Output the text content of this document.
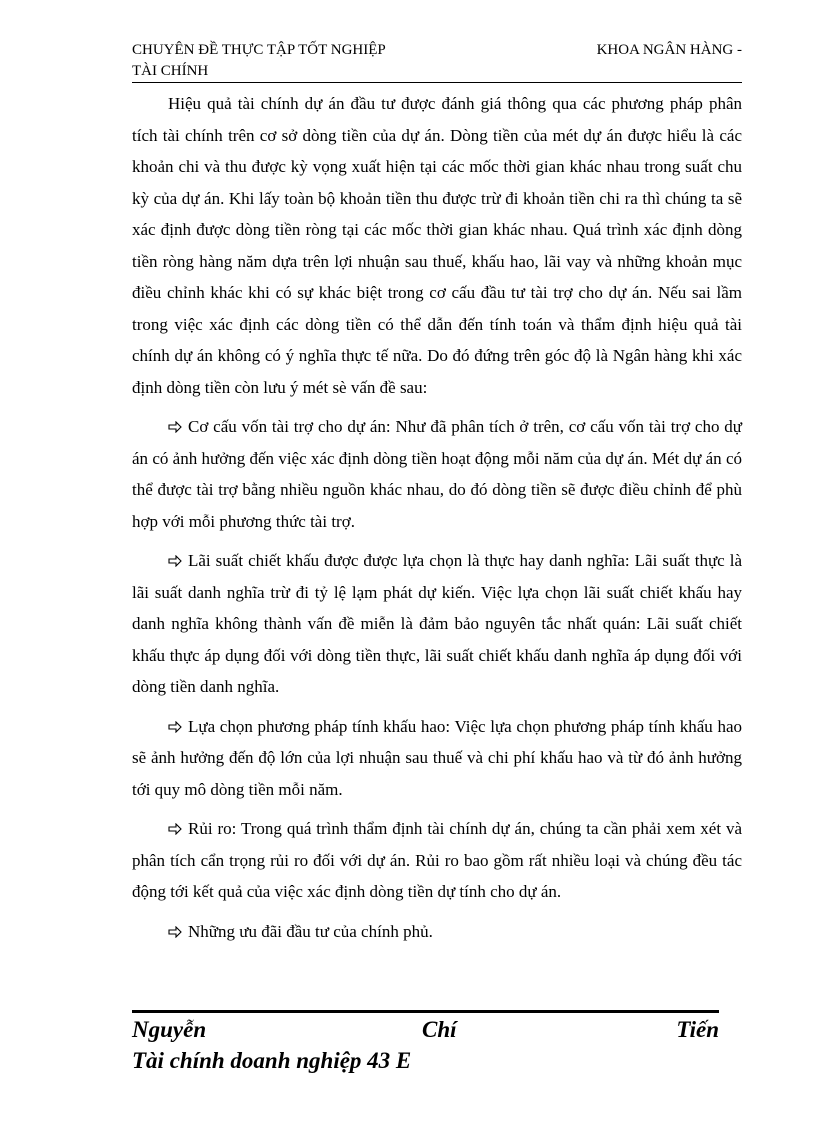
CHUYÊN ĐỀ THỰC TẬP TỐT NGHIỆP	KHOA NGÂN HÀNG -
TÀI CHÍNH

Hiệu quả tài chính dự án đầu tư được đánh giá thông qua các phương pháp phân tích tài chính trên cơ sở dòng tiền của dự án. Dòng tiền của mét dự án được hiểu là các khoản chi và thu được kỳ vọng xuất hiện tại các mốc thời gian khác nhau trong suất chu kỳ của dự án. Khi lấy toàn bộ khoản tiền thu được trừ đi khoản tiền chi ra thì chúng ta sẽ xác định được dòng tiền ròng tại các mốc thời gian khác nhau. Quá trình xác định dòng tiền ròng hàng năm dựa trên lợi nhuận sau thuế, khấu hao, lãi vay và những khoản mục điều chỉnh khác khi có sự khác biệt trong cơ cấu đầu tư tài trợ cho dự án. Nếu sai lầm trong việc xác định các dòng tiền có thể dẫn đến tính toán và thẩm định hiệu quả tài chính dự án không có ý nghĩa thực tế nữa. Do đó đứng trên góc độ là Ngân hàng khi xác định dòng tiền còn lưu ý mét sè vấn đề sau:

Cơ cấu vốn tài trợ cho dự án: Như đã phân tích ở trên, cơ cấu vốn tài trợ cho dự án có ảnh hưởng đến việc xác định dòng tiền hoạt động mỗi năm của dự án. Mét dự án có thể được tài trợ bằng nhiều nguồn khác nhau, do đó dòng tiền sẽ được điều chỉnh để phù hợp với mỗi phương thức tài trợ.

Lãi suất chiết khấu được được lựa chọn là thực hay danh nghĩa: Lãi suất thực là lãi suất danh nghĩa trừ đi tỷ lệ lạm phát dự kiến. Việc lựa chọn lãi suất chiết khấu hay danh nghĩa không thành vấn đề miễn là đảm bảo nguyên tắc nhất quán: Lãi suất chiết khấu thực áp dụng đối với dòng tiền thực, lãi suất chiết khấu danh nghĩa áp dụng đối với dòng tiền danh nghĩa.

Lựa chọn phương pháp tính khấu hao: Việc lựa chọn phương pháp tính khấu hao sẽ ảnh hưởng đến độ lớn của lợi nhuận sau thuế và chi phí khấu hao và từ đó ảnh hưởng tới quy mô dòng tiền mỗi năm.

Rủi ro: Trong quá trình thẩm định tài chính dự án, chúng ta cần phải xem xét và phân tích cẩn trọng rủi ro đối với dự án. Rủi ro bao gồm rất nhiều loại và chúng đều tác động tới kết quả của việc xác định dòng tiền dự tính cho dự án.

Những ưu đãi đầu tư của chính phủ.

Nguyễn	Chí	Tiến
Tài chính doanh nghiệp 43 E
